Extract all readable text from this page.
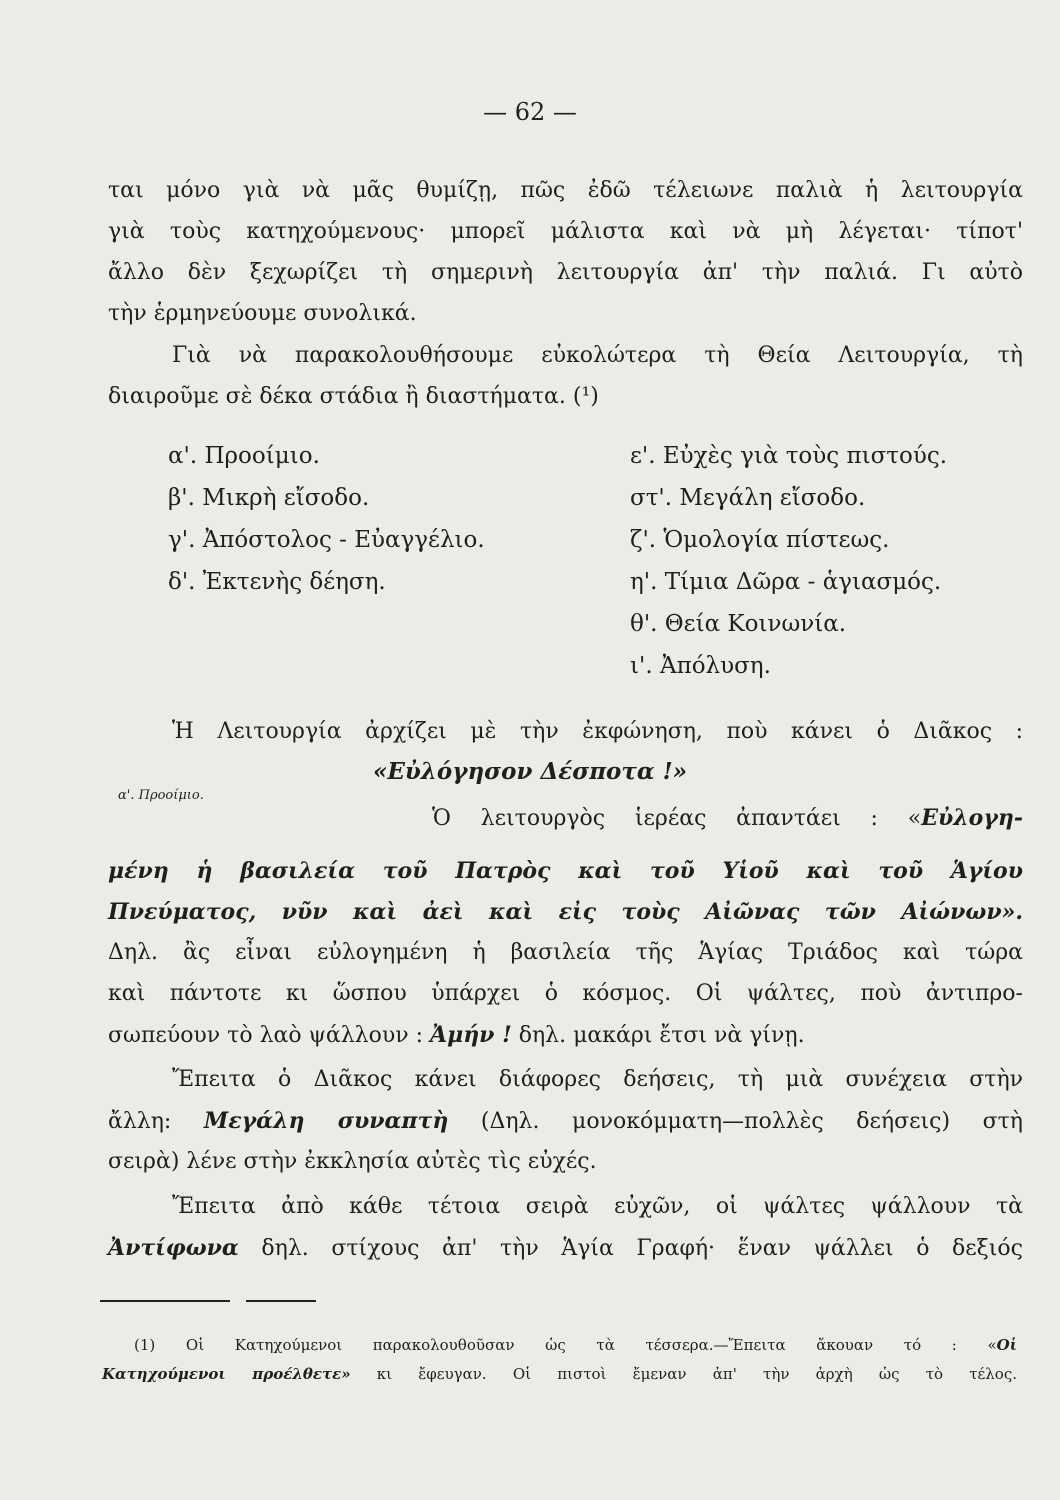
— 62 —
ται μόνο γιὰ νὰ μᾶς θυμίζῃ, πῶς ἐδῶ τέλειωνε παλιὰ ἡ λειτουργία
γιὰ τοὺς κατηχούμενους· μπορεῖ μάλιστα καὶ νὰ μὴ λέγεται· τίποτ'
ἄλλο δὲν ξεχωρίζει τὴ σημερινὴ λειτουργία ἀπ' τὴν παλιά. Γι αὐτὸ
τὴν ἑρμηνεύουμε συνολικά.
Γιὰ νὰ παρακολουθήσουμε εὐκολώτερα τὴ Θεία Λειτουργία, τὴ
διαιροῦμε σὲ δέκα στάδια ἢ διαστήματα. (¹)
α'. Προοίμιο.
β'. Μικρὴ εἴσοδο.
γ'. Ἀπόστολος - Εὐαγγέλιο.
δ'. Ἐκτενὴς δέηση.
ε'. Εὐχὲς γιὰ τοὺς πιστούς.
στ'. Μεγάλη εἴσοδο.
ζ'. Ὁμολογία πίστεως.
η'. Τίμια Δῶρα - ἁγιασμός.
θ'. Θεία Κοινωνία.
ι'. Ἀπόλυση.
Ἡ Λειτουργία ἀρχίζει μὲ τὴν ἐκφώνηση, ποὺ κάνει ὁ Διᾶκος :
«Εὐλόγησον Δέσποτα !»
α'. Προοίμιο.
Ὁ λειτουργὸς ἱερέας ἀπαντάει : «Εὐλογη-
μένη ἡ βασιλεία τοῦ Πατρὸς καὶ τοῦ Υἱοῦ καὶ τοῦ Ἁγίου
Πνεύματος, νῦν καὶ ἀεὶ καὶ εἰς τοὺς Αἰῶνας τῶν Αἰώνων».
Δηλ. ἂς εἶναι εὐλογημένη ἡ βασιλεία τῆς Ἁγίας Τριάδος καὶ τώρα
καὶ πάντοτε κι ὥσπου ὑπάρχει ὁ κόσμος. Οἱ ψάλτες, ποὺ ἀντιπρο-
σωπεύουν τὸ λαὸ ψάλλουν : Ἀμήν ! δηλ. μακάρι ἔτσι νὰ γίνῃ.
Ἔπειτα ὁ Διᾶκος κάνει διάφορες δεήσεις, τὴ μιὰ συνέχεια στὴν
ἄλλη: Μεγάλη συναπτὴ (Δηλ. μονοκόμματη—πολλὲς δεήσεις) στὴ
σειρὰ) λένε στὴν ἐκκλησία αὐτὲς τὶς εὐχές.
Ἔπειτα ἀπὸ κάθε τέτοια σειρὰ εὐχῶν, οἱ ψάλτες ψάλλουν τὰ
Ἀντίφωνα δηλ. στίχους ἀπ' τὴν Ἁγία Γραφή· ἕναν ψάλλει ὁ δεξιός
(1) Οἱ Κατηχούμενοι παρακολουθοῦσαν ὡς τὰ τέσσερα.—Ἔπειτα ἄκουαν τό : «Οἱ
Κατηχούμενοι προέλθετε» κι ἔφευγαν. Οἱ πιστοὶ ἔμεναν ἀπ' τὴν ἀρχὴ ὡς τὸ τέλος.
